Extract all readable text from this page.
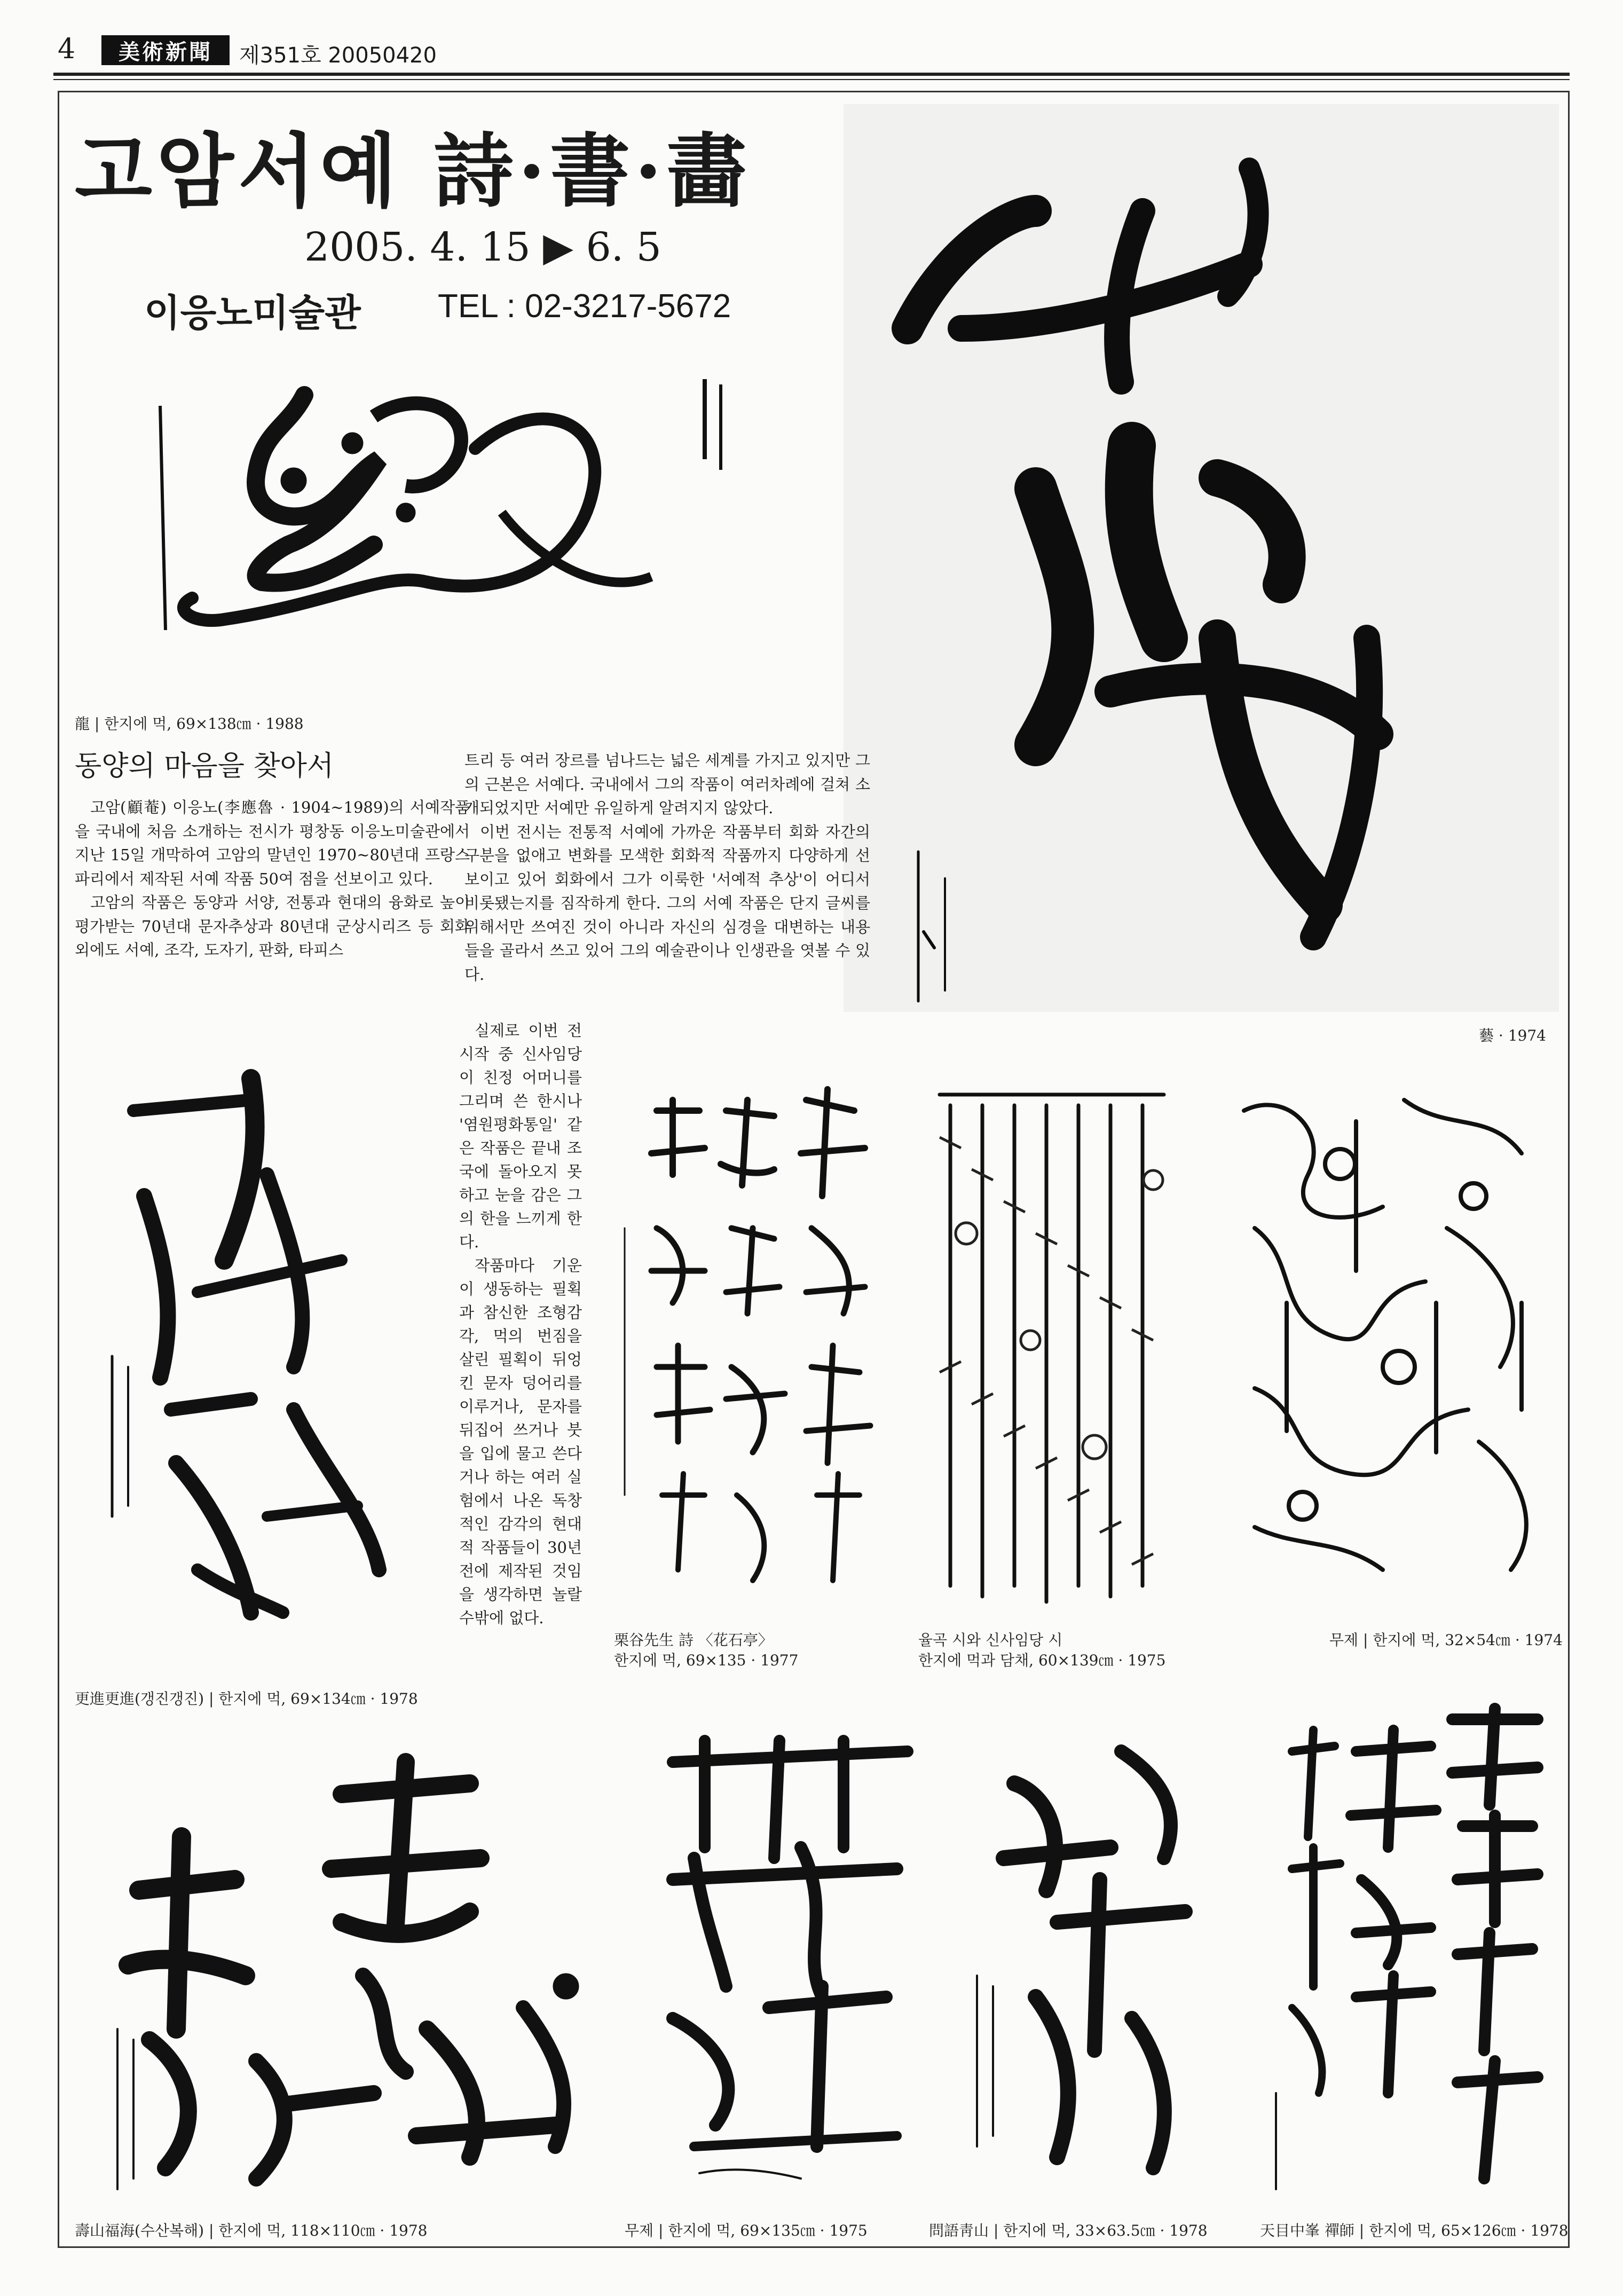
4	美術新聞	제351호 20050420
고암서예 詩·書·畵
2005. 4. 15 ▶ 6. 5
이응노미술관 TEL : 02-3217-5672
龍 | 한지에 먹, 69×138㎝ · 1988
藝 · 1974
동양의 마음을 찾아서

고암(顧菴) 이응노(李應魯 · 1904~1989)의 서예작품을 국내에 처음 소개하는 전시가 평창동 이응노미술관에서 지난 15일 개막하여 고암의 말년인 1970~80년대 프랑스 파리에서 제작된 서예 작품 50여 점을 선보이고 있다.

고암의 작품은 동양과 서양, 전통과 현대의 융화로 높이 평가받는 70년대 문자추상과 80년대 군상시리즈 등 회화 외에도 서예, 조각, 도자기, 판화, 타피스

트리 등 여러 장르를 넘나드는 넓은 세계를 가지고 있지만 그의 근본은 서예다. 국내에서 그의 작품이 여러차례에 걸쳐 소개되었지만 서예만 유일하게 알려지지 않았다.

이번 전시는 전통적 서예에 가까운 작품부터 회화 자간의 구분을 없애고 변화를 모색한 회화적 작품까지 다양하게 선보이고 있어 회화에서 그가 이룩한 '서예적 추상'이 어디서 비롯됐는지를 짐작하게 한다. 그의 서예 작품은 단지 글씨를 위해서만 쓰여진 것이 아니라 자신의 심경을 대변하는 내용들을 골라서 쓰고 있어 그의 예술관이나 인생관을 엿볼 수 있다.

실제로 이번 전시작 중 신사임당이 친정 어머니를 그리며 쓴 한시나 '염원평화통일' 같은 작품은 끝내 조국에 돌아오지 못하고 눈을 감은 그의 한을 느끼게 한다.

작품마다 기운이 생동하는 필획과 참신한 조형감각, 먹의 번짐을 살린 필획이 뒤엉킨 문자 덩어리를 이루거나, 문자를 뒤집어 쓰거나 붓을 입에 물고 쓴다거나 하는 여러 실험에서 나온 독창적인 감각의 현대적 작품들이 30년 전에 제작된 것임을 생각하면 놀랄 수밖에 없다.

更進更進(갱진갱진) | 한지에 먹, 69×134㎝ · 1978
栗谷先生 詩 〈花石亭〉
한지에 먹, 69×135 · 1977
율곡 시와 신사임당 시
한지에 먹과 담채, 60×139㎝ · 1975
무제 | 한지에 먹, 32×54㎝ · 1974
壽山福海(수산복해) | 한지에 먹, 118×110㎝ · 1978	무제 | 한지에 먹, 69×135㎝ · 1975	問語靑山 | 한지에 먹, 33×63.5㎝ · 1978	天目中峯 禪師 | 한지에 먹, 65×126㎝ · 1978
